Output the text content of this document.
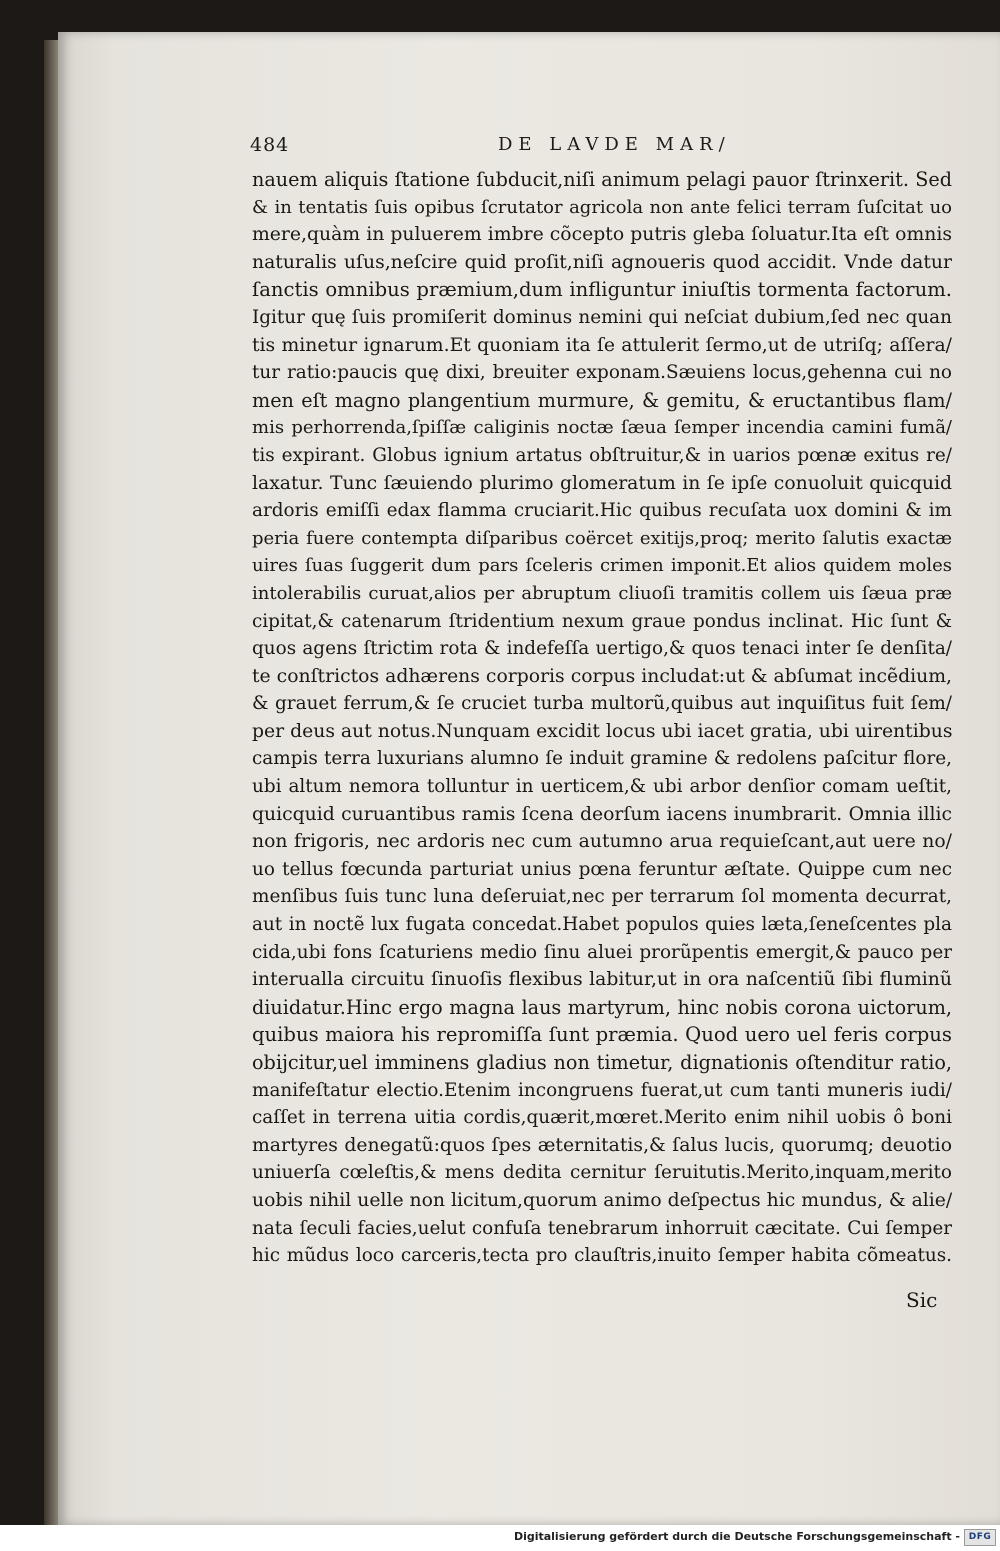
484	DE LAVDE MAR/
nauem aliquis ſtatione ſubducit,niſi animum pelagi pauor ſtrinxerit. Sed
& in tentatis ſuis opibus ſcrutator agricola non ante felici terram ſuſcitat uo
mere,quàm in puluerem imbre cõcepto putris gleba ſoluatur.Ita eſt omnis
naturalis uſus,neſcire quid proſit,niſi agnoueris quod accidit. Vnde datur
ſanctis omnibus præmium,dum infliguntur iniuſtis tormenta factorum.
Igitur quę ſuis promiſerit dominus nemini qui neſciat dubium,ſed nec quan
tis minetur ignarum.Et quoniam ita ſe attulerit ſermo,ut de utriſq; aſſera/
tur ratio:paucis quę dixi, breuiter exponam.Sæuiens locus,gehenna cui no
men eſt magno plangentium murmure, & gemitu, & eructantibus flam/
mis perhorrenda,ſpiſſæ caliginis noctæ ſæua ſemper incendia camini fumã/
tis expirant. Globus ignium artatus obſtruitur,& in uarios pœnæ exitus re/
laxatur. Tunc ſæuiendo plurimo glomeratum in ſe ipſe conuoluit quicquid
ardoris emiſſi edax flamma cruciarit.Hic quibus recuſata uox domini & im
peria fuere contempta diſparibus coërcet exitijs,proq; merito ſalutis exactæ
uires ſuas ſuggerit dum pars ſceleris crimen imponit.Et alios quidem moles
intolerabilis curuat,alios per abruptum cliuoſi tramitis collem uis ſæua præ
cipitat,& catenarum ſtridentium nexum graue pondus inclinat. Hic ſunt &
quos agens ſtrictim rota & indefeſſa uertigo,& quos tenaci inter ſe denſita/
te conſtrictos adhærens corporis corpus includat:ut & abſumat incẽdium,
& grauet ferrum,& ſe cruciet turba multorũ,quibus aut inquiſitus fuit ſem/
per deus aut notus.Nunquam excidit locus ubi iacet gratia, ubi uirentibus
campis terra luxurians alumno ſe induit gramine & redolens paſcitur flore,
ubi altum nemora tolluntur in uerticem,& ubi arbor denſior comam ueſtit,
quicquid curuantibus ramis ſcena deorſum iacens inumbrarit. Omnia illic
non frigoris, nec ardoris nec cum autumno arua requieſcant,aut uere no/
uo tellus fœcunda parturiat unius pœna feruntur æſtate. Quippe cum nec
menſibus ſuis tunc luna deſeruiat,nec per terrarum ſol momenta decurrat,
aut in noctẽ lux fugata concedat.Habet populos quies læta,ſeneſcentes pla
cida,ubi fons ſcaturiens medio ſinu aluei prorũpentis emergit,& pauco per
interualla circuitu ſinuoſis flexibus labitur,ut in ora naſcentiũ ſibi fluminũ
diuidatur.Hinc ergo magna laus martyrum, hinc nobis corona uictorum,
quibus maiora his repromiſſa ſunt præmia. Quod uero uel feris corpus
obijcitur,uel imminens gladius non timetur, dignationis oſtenditur ratio,
manifeſtatur electio.Etenim incongruens fuerat,ut cum tanti muneris iudi/
caſſet in terrena uitia cordis,quærit,mœret.Merito enim nihil uobis ô boni
martyres denegatũ:quos ſpes æternitatis,& ſalus lucis, quorumq; deuotio
uniuerſa cœleſtis,& mens dedita cernitur ſeruitutis.Merito,inquam,merito
uobis nihil uelle non licitum,quorum animo deſpectus hic mundus, & alie/
nata ſeculi facies,uelut confuſa tenebrarum inhorruit cæcitate. Cui ſemper
hic mũdus loco carceris,tecta pro clauſtris,inuito ſemper habita cõmeatus.
Sic
Digitalisierung gefördert durch die Deutsche Forschungsgemeinschaft - DFG
